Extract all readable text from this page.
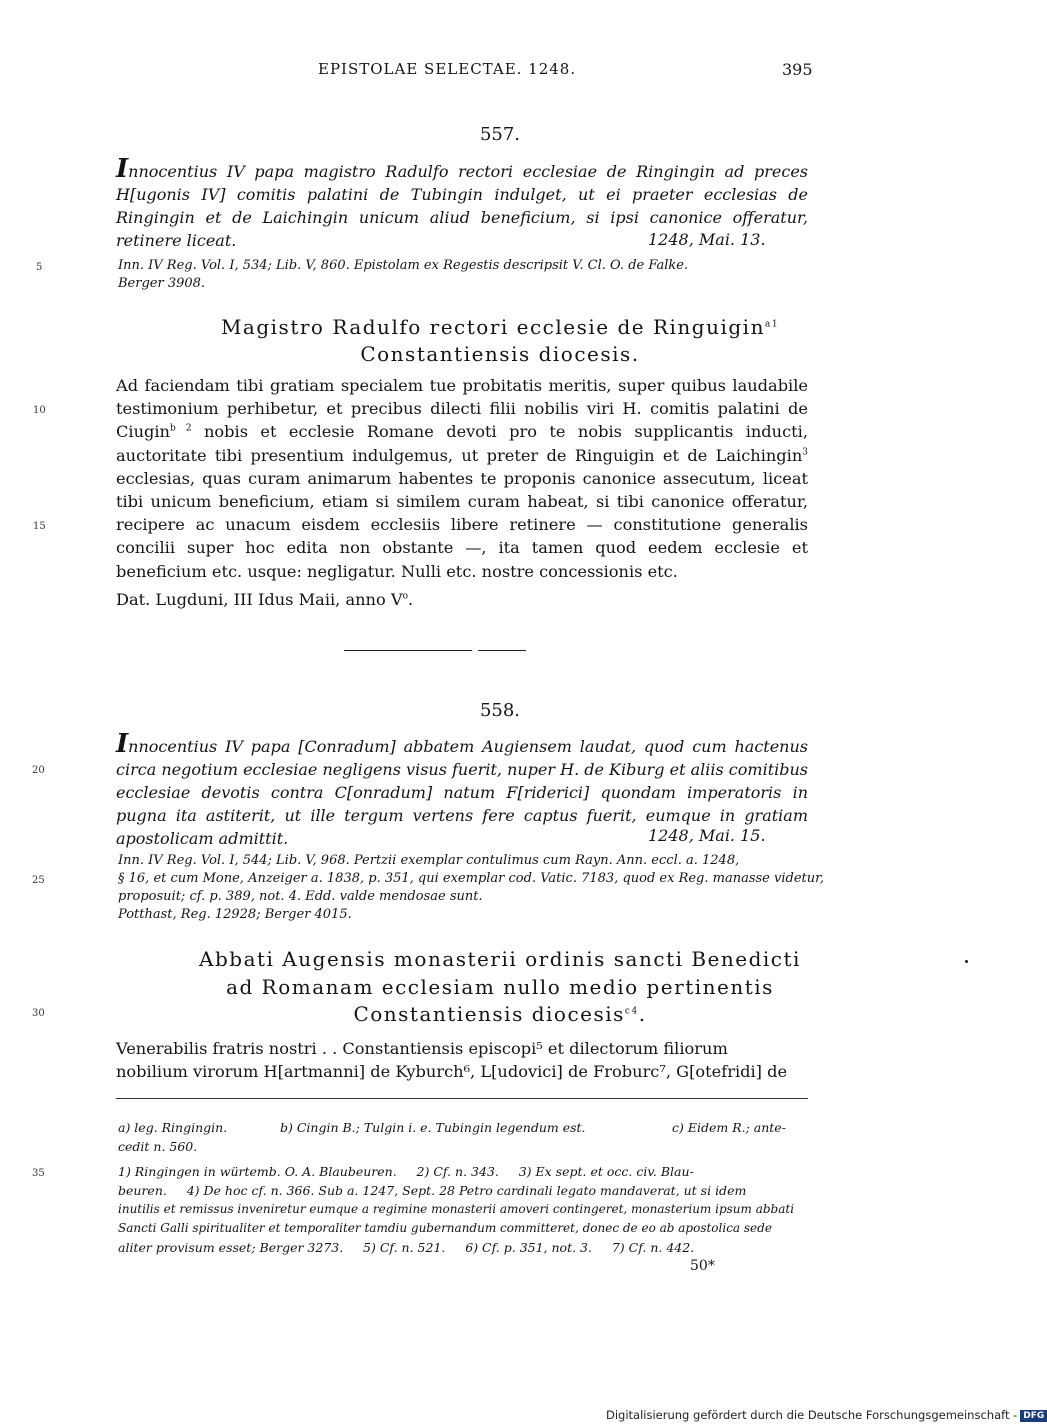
EPISTOLAE SELECTAE. 1248.	395
557.
Innocentius IV papa magistro Radulfo rectori ecclesiae de Ringingin ad preces H[ugonis IV] comitis palatini de Tubingin indulget, ut ei praeter ecclesias de Ringingin et de Laichingin unicum aliud beneficium, si ipsi canonice offeratur, retinere liceat.	1248, Mai. 13.
5	Inn. IV Reg. Vol. I, 534; Lib. V, 860. Epistolam ex Regestis descripsit V. Cl. O. de Falke.
Berger 3908.
Magistro Radulfo rectori ecclesie de Ringuigin$^{a1}$
Constantiensis diocesis.
10

Ad faciendam tibi gratiam specialem tue probitatis meritis, super quibus laudabile testimonium perhibetur, et precibus dilecti filii nobilis viri H. comitis palatini de Ciugin$^{b 2}$ nobis et ecclesie Romane devoti pro te nobis supplicantis inducti, auctoritate tibi presentium indulgemus, ut preter de Ringuigin et de Laichingin$^3$ ecclesias, quas curam animarum habentes te proponis canonice assecutum, liceat tibi unicum beneficium, etiam si similem curam habeat, si tibi canonice offeratur, recipere ac unacum eisdem ecclesiis libere retinere — constitutione generalis concilii super hoc edita non obstante —, ita tamen quod eedem ecclesie et beneficium etc. usque: negligatur. Nulli etc. nostre concessionis etc.

15
Dat. Lugduni, III Idus Maii, anno $V^o$.
558.
20
Innocentius IV papa [Conradum] abbatem Augiensem laudat, quod cum hactenus circa negotium ecclesiae negligens visus fuerit, nuper H. de Kiburg et aliis comitibus ecclesiae devotis contra C[onradum] natum F[riderici] quondam imperatoris in pugna ita astiterit, ut ille tergum vertens fere captus fuerit, eumque in gratiam apostolicam admittit.	1248, Mai. 15.
Inn. IV Reg. Vol. I, 544; Lib. V, 968. Pertzii exemplar contulimus cum Rayn. Ann. eccl. a. 1248,
25	§ 16, et cum Mone, Anzeiger a. 1838, p. 351, qui exemplar cod. Vatic. 7183, quod ex Reg. manasse videtur,
proposuit; cf. p. 389, not. 4. Edd. valde mendosae sunt.
Potthast, Reg. 12928; Berger 4015.
Abbati Augensis monasterii ordinis sancti Benedicti
ad Romanam ecclesiam nullo medio pertinentis
30	Constantiensis diocesis$^{c4}$.
Venerabilis fratris nostri . . Constantiensis episcopi⁵ et dilectorum filiorum
nobilium virorum H[artmanni] de Kyburch⁶, L[udovici] de Froburc⁷, G[otefridi] de
a) leg. Ringingin.	b) Cingin B.; Tulgin i. e. Tubingin legendum est.	c) Eidem R.; ante-
cedit n. 560.
35	1) Ringingen in würtemb. O. A. Blaubeuren.     2) Cf. n. 343.     3) Ex sept. et occ. civ. Blau-
beuren.     4) De hoc cf. n. 366. Sub a. 1247, Sept. 28 Petro cardinali legato mandaverat, ut si idem
inutilis et remissus inveniretur eumque a regimine monasterii amoveri contingeret, monasterium ipsum abbati
Sancti Galli spiritualiter et temporaliter tamdiu gubernandum committeret, donec de eo ab apostolica sede
aliter provisum esset; Berger 3273.     5) Cf. n. 521.     6) Cf. p. 351, not. 3.     7) Cf. n. 442.
50*
Digitalisierung gefördert durch die Deutsche Forschungsgemeinschaft - DFG
